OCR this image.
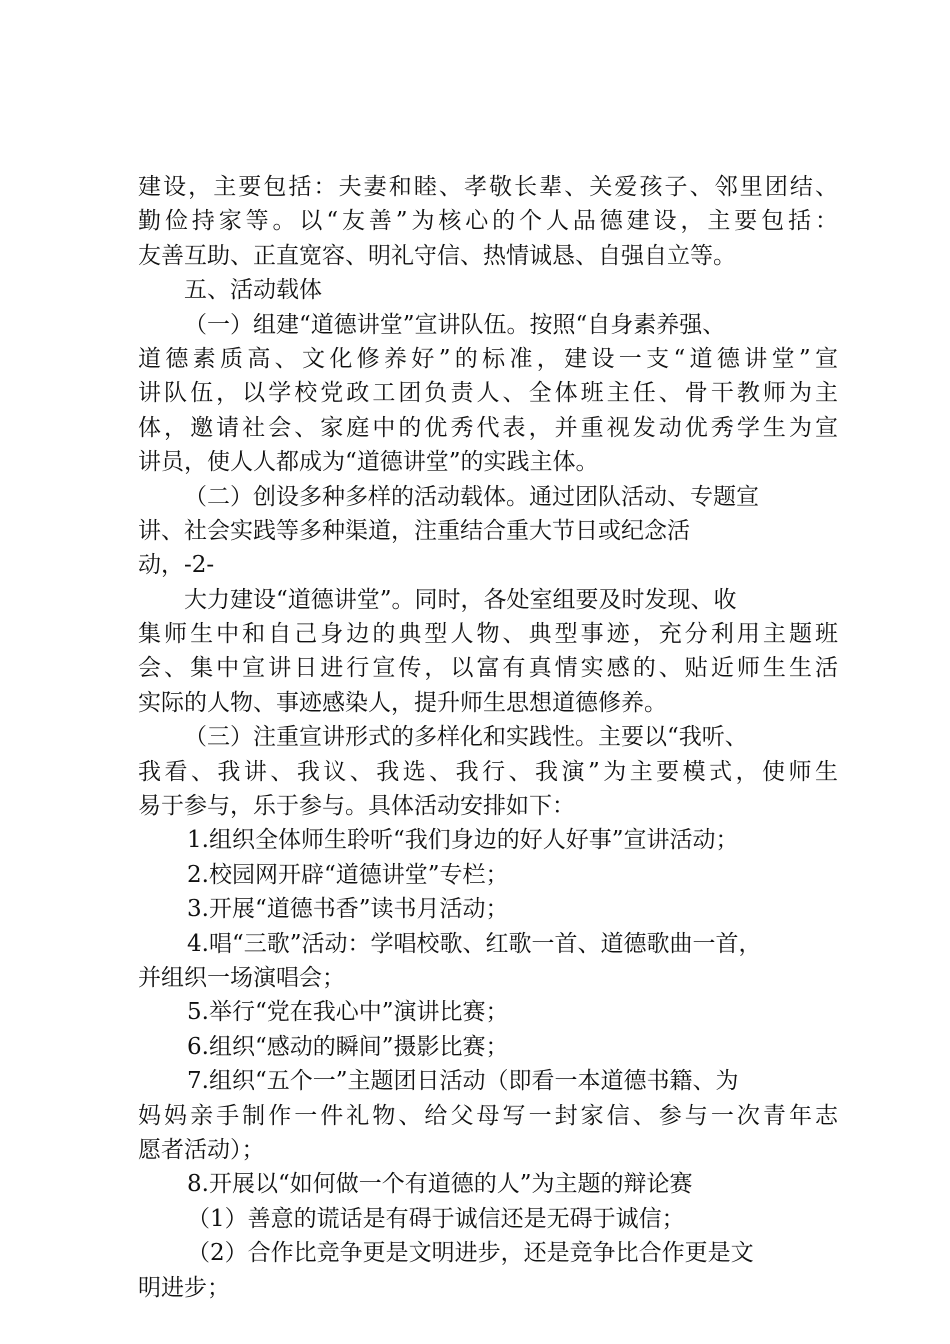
建设，主要包括：夫妻和睦、孝敬长辈、关爱孩子、邻里团结、
勤俭持家等。以“友善”为核心的个人品德建设，主要包括：
友善互助、正直宽容、明礼守信、热情诚恳、自强自立等。
五、活动载体
（一）组建“道德讲堂”宣讲队伍。按照“自身素养强、
道德素质高、文化修养好”的标准，建设一支“道德讲堂”宣
讲队伍，以学校党政工团负责人、全体班主任、骨干教师为主
体，邀请社会、家庭中的优秀代表，并重视发动优秀学生为宣
讲员，使人人都成为“道德讲堂”的实践主体。
（二）创设多种多样的活动载体。通过团队活动、专题宣
讲、社会实践等多种渠道，注重结合重大节日或纪念活
动，-2-
大力建设“道德讲堂”。同时，各处室组要及时发现、收
集师生中和自己身边的典型人物、典型事迹，充分利用主题班
会、集中宣讲日进行宣传，以富有真情实感的、贴近师生生活
实际的人物、事迹感染人，提升师生思想道德修养。
（三）注重宣讲形式的多样化和实践性。主要以“我听、
我看、我讲、我议、我选、我行、我演”为主要模式，使师生
易于参与，乐于参与。具体活动安排如下：
1.组织全体师生聆听“我们身边的好人好事”宣讲活动；
2.校园网开辟“道德讲堂”专栏；
3.开展“道德书香”读书月活动；
4.唱“三歌”活动：学唱校歌、红歌一首、道德歌曲一首，
并组织一场演唱会；
5.举行“党在我心中”演讲比赛；
6.组织“感动的瞬间”摄影比赛；
7.组织“五个一”主题团日活动（即看一本道德书籍、为
妈妈亲手制作一件礼物、给父母写一封家信、参与一次青年志
愿者活动）；
8.开展以“如何做一个有道德的人”为主题的辩论赛
（1）善意的谎话是有碍于诚信还是无碍于诚信；
（2）合作比竞争更是文明进步，还是竞争比合作更是文
明进步；
